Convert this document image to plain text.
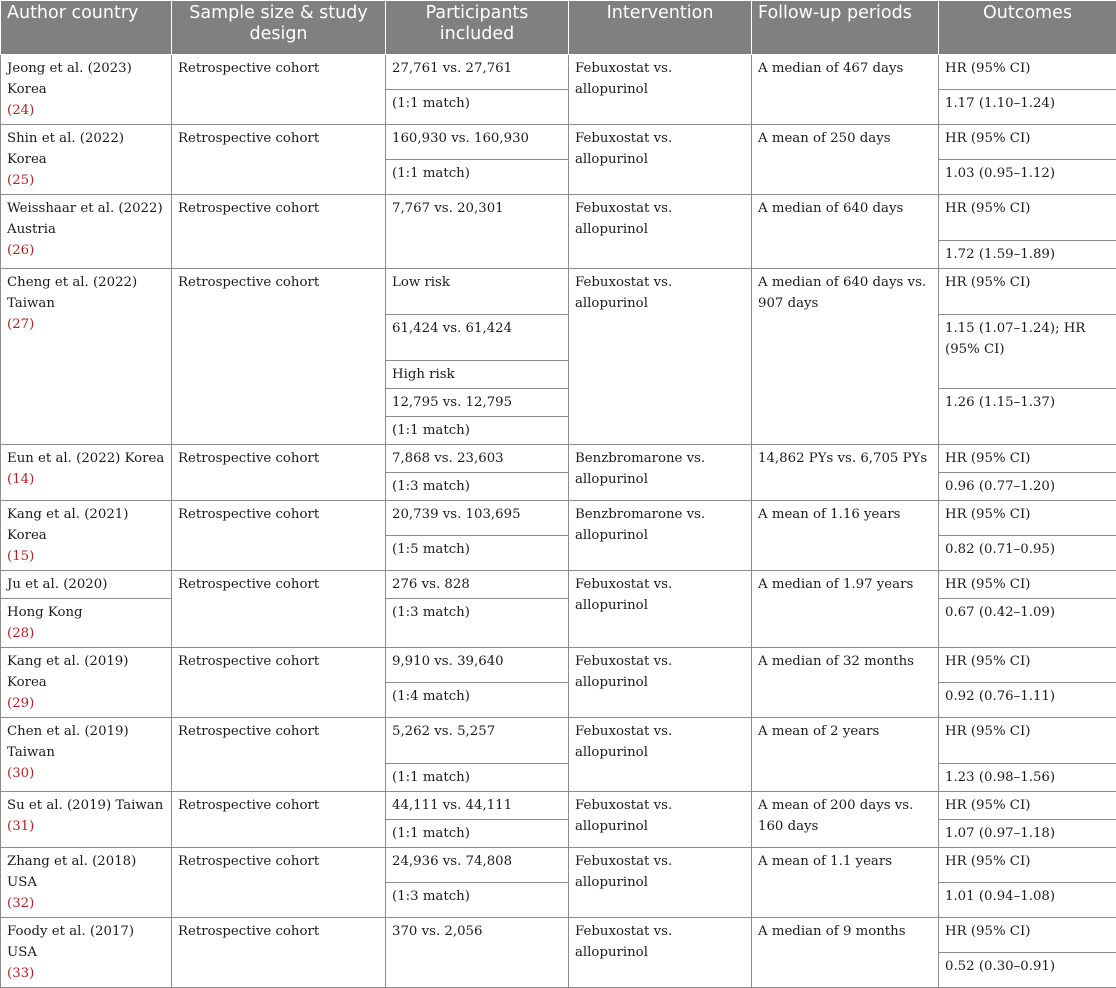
Author country	Sample size & study design	Participants included	Intervention	Follow-up periods	Outcomes
Jeong et al. (2023) Korea
(24)	Retrospective cohort	27,761 vs. 27,761	Febuxostat vs. allopurinol	A median of 467 days	HR (95% CI)
		(1:1 match)			1.17 (1.10–1.24)
Shin et al. (2022) Korea
(25)	Retrospective cohort	160,930 vs. 160,930	Febuxostat vs. allopurinol	A mean of 250 days	HR (95% CI)
		(1:1 match)			1.03 (0.95–1.12)
Weisshaar et al. (2022) Austria
(26)	Retrospective cohort	7,767 vs. 20,301	Febuxostat vs. allopurinol	A median of 640 days	HR (95% CI)
					1.72 (1.59–1.89)
Cheng et al. (2022) Taiwan
(27)	Retrospective cohort	Low risk	Febuxostat vs. allopurinol	A median of 640 days vs. 907 days	HR (95% CI)
		61,424 vs. 61,424			1.15 (1.07–1.24); HR (95% CI)
		High risk			
		12,795 vs. 12,795			1.26 (1.15–1.37)
		(1:1 match)			
Eun et al. (2022) Korea
(14)	Retrospective cohort	7,868 vs. 23,603	Benzbromarone vs. allopurinol	14,862 PYs vs. 6,705 PYs	HR (95% CI)
		(1:3 match)			0.96 (0.77–1.20)
Kang et al. (2021) Korea
(15)	Retrospective cohort	20,739 vs. 103,695	Benzbromarone vs. allopurinol	A mean of 1.16 years	HR (95% CI)
		(1:5 match)			0.82 (0.71–0.95)
Ju et al. (2020)	Retrospective cohort	276 vs. 828	Febuxostat vs. allopurinol	A median of 1.97 years	HR (95% CI)
Hong Kong
(28)		(1:3 match)			0.67 (0.42–1.09)
Kang et al. (2019) Korea
(29)	Retrospective cohort	9,910 vs. 39,640	Febuxostat vs. allopurinol	A median of 32 months	HR (95% CI)
		(1:4 match)			0.92 (0.76–1.11)
Chen et al. (2019) Taiwan
(30)	Retrospective cohort	5,262 vs. 5,257	Febuxostat vs. allopurinol	A mean of 2 years	HR (95% CI)
		(1:1 match)			1.23 (0.98–1.56)
Su et al. (2019) Taiwan
(31)	Retrospective cohort	44,111 vs. 44,111	Febuxostat vs. allopurinol	A mean of 200 days vs. 160 days	HR (95% CI)
		(1:1 match)			1.07 (0.97–1.18)
Zhang et al. (2018) USA
(32)	Retrospective cohort	24,936 vs. 74,808	Febuxostat vs. allopurinol	A mean of 1.1 years	HR (95% CI)
		(1:3 match)			1.01 (0.94–1.08)
Foody et al. (2017) USA
(33)	Retrospective cohort	370 vs. 2,056	Febuxostat vs. allopurinol	A median of 9 months	HR (95% CI)
					0.52 (0.30–0.91)
